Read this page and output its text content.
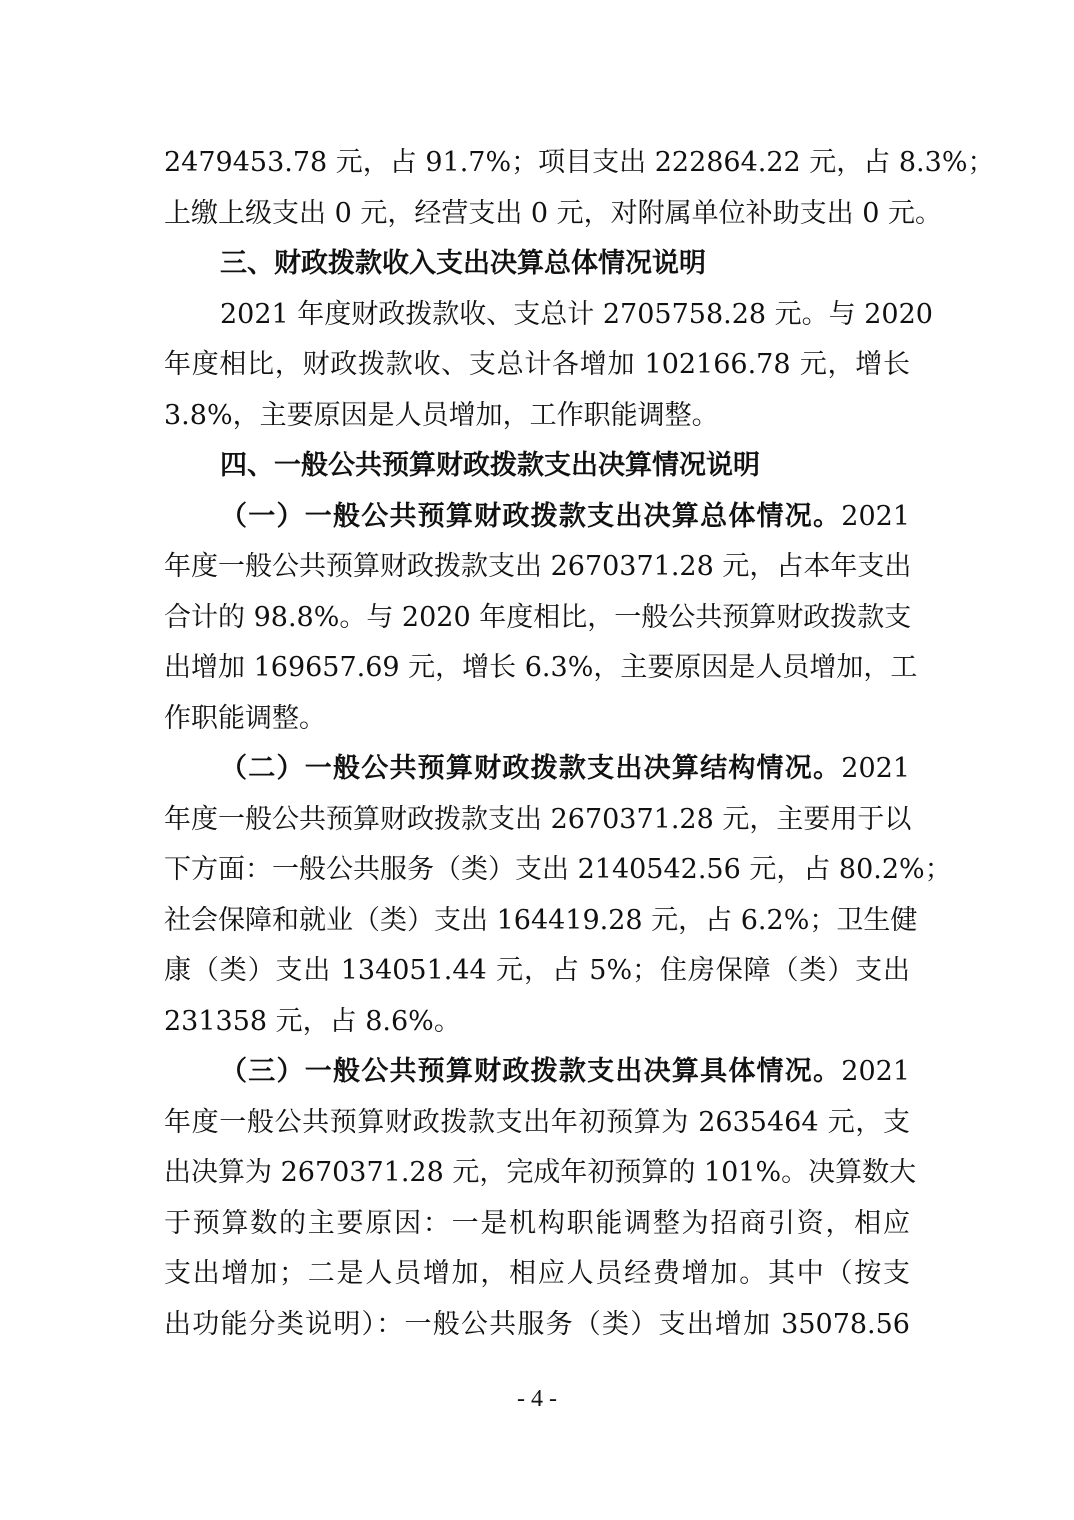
2479453.78 元，占 91.7%；项目支出 222864.22 元，占 8.3%；
上缴上级支出 0 元，经营支出 0 元，对附属单位补助支出 0 元。
三、财政拨款收入支出决算总体情况说明
2021 年度财政拨款收、支总计 2705758.28 元。与 2020
年度相比，财政拨款收、支总计各增加 102166.78 元，增长
3.8%，主要原因是人员增加，工作职能调整。
四、一般公共预算财政拨款支出决算情况说明
（一）一般公共预算财政拨款支出决算总体情况。2021
年度一般公共预算财政拨款支出 2670371.28 元，占本年支出
合计的 98.8%。与 2020 年度相比，一般公共预算财政拨款支
出增加 169657.69 元，增长 6.3%，主要原因是人员增加，工
作职能调整。
（二）一般公共预算财政拨款支出决算结构情况。2021
年度一般公共预算财政拨款支出 2670371.28 元，主要用于以
下方面：一般公共服务（类）支出 2140542.56 元，占 80.2%；
社会保障和就业（类）支出 164419.28 元，占 6.2%；卫生健
康（类）支出 134051.44 元，占 5%；住房保障（类）支出
231358 元，占 8.6%。
（三）一般公共预算财政拨款支出决算具体情况。2021
年度一般公共预算财政拨款支出年初预算为 2635464 元，支
出决算为 2670371.28 元，完成年初预算的 101%。决算数大
于预算数的主要原因：一是机构职能调整为招商引资，相应
支出增加；二是人员增加，相应人员经费增加。其中（按支
出功能分类说明）：一般公共服务（类）支出增加 35078.56
- 4 -
